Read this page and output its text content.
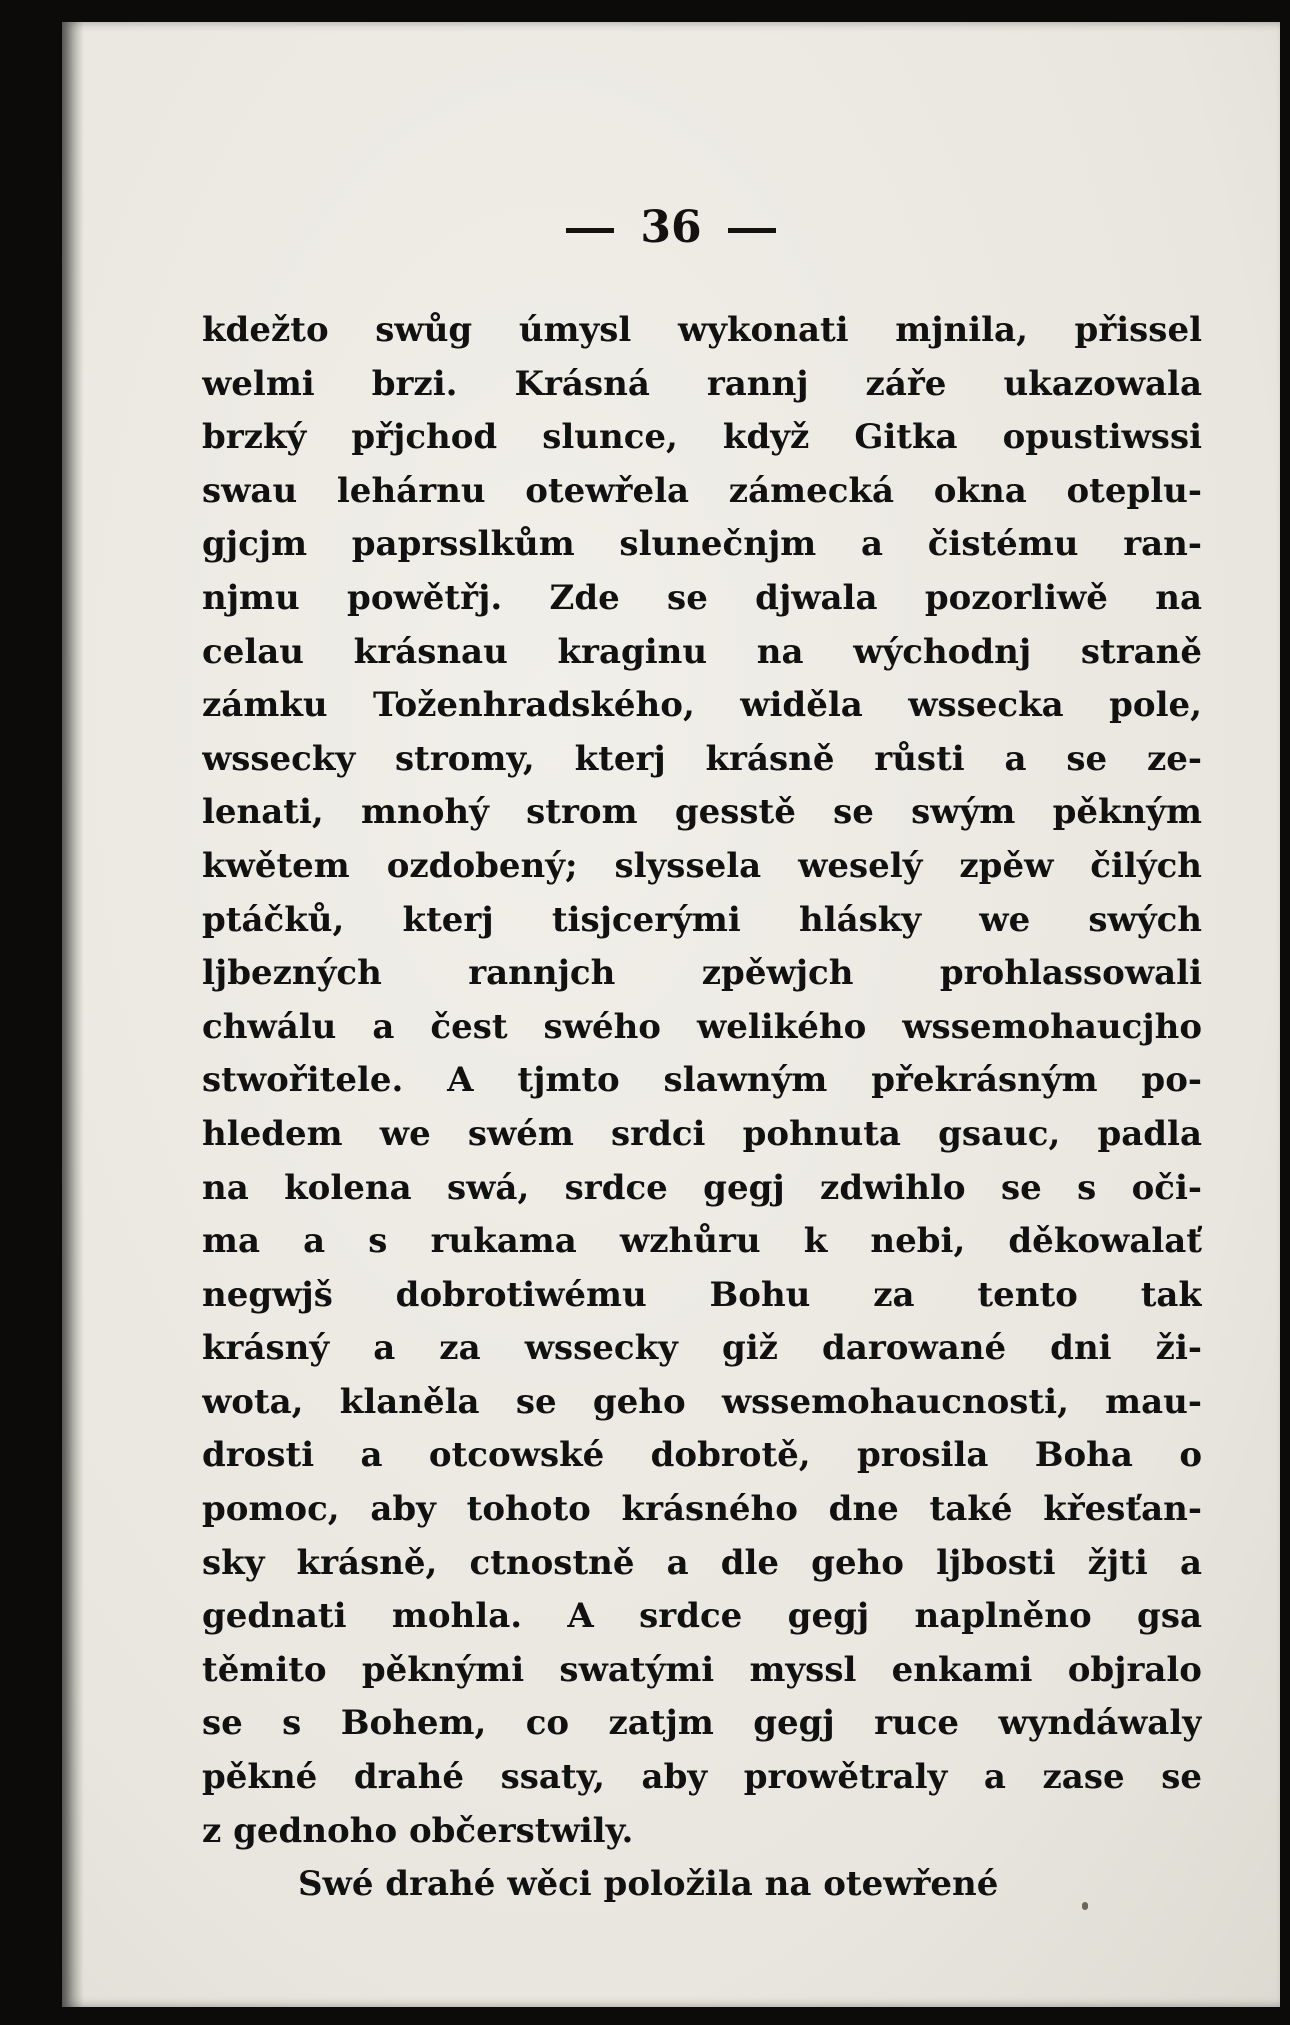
36
kdežto swůg úmysl wykonati mjnila, přissel
welmi brzi. Krásná rannj záře ukazowala
brzký přjchod slunce, když Gitka opustiwssi
swau lehárnu otewřela zámecká okna oteplu-
gjcjm paprsslkům slunečnjm a čistému ran-
njmu powětřj. Zde se djwala pozorliwě na
celau krásnau kraginu na wýchodnj straně
zámku Toženhradského, widěla wssecka pole,
wssecky stromy, kterj krásně růsti a se ze-
lenati, mnohý strom gesstě se swým pěkným
kwětem ozdobený; slyssela weselý zpěw čilých
ptáčků, kterj tisjcerými hlásky we swých
ljbezných rannjch zpěwjch prohlassowali
chwálu a čest swého welikého wssemohaucjho
stwořitele. A tjmto slawným překrásným po-
hledem we swém srdci pohnuta gsauc, padla
na kolena swá, srdce gegj zdwihlo se s oči-
ma a s rukama wzhůru k nebi, děkowalať
negwjš dobrotiwému Bohu za tento tak
krásný a za wssecky giž darowané dni ži-
wota, klaněla se geho wssemohaucnosti, mau-
drosti a otcowské dobrotě, prosila Boha o
pomoc, aby tohoto krásného dne také křesťan-
sky krásně, ctnostně a dle geho ljbosti žjti a
gednati mohla. A srdce gegj naplněno gsa
těmito pěknými swatými myssl enkami objralo
se s Bohem, co zatjm gegj ruce wyndáwaly
pěkné drahé ssaty, aby prowětraly a zase se
z gednoho občerstwily.
Swé drahé wěci položila na otewřené
